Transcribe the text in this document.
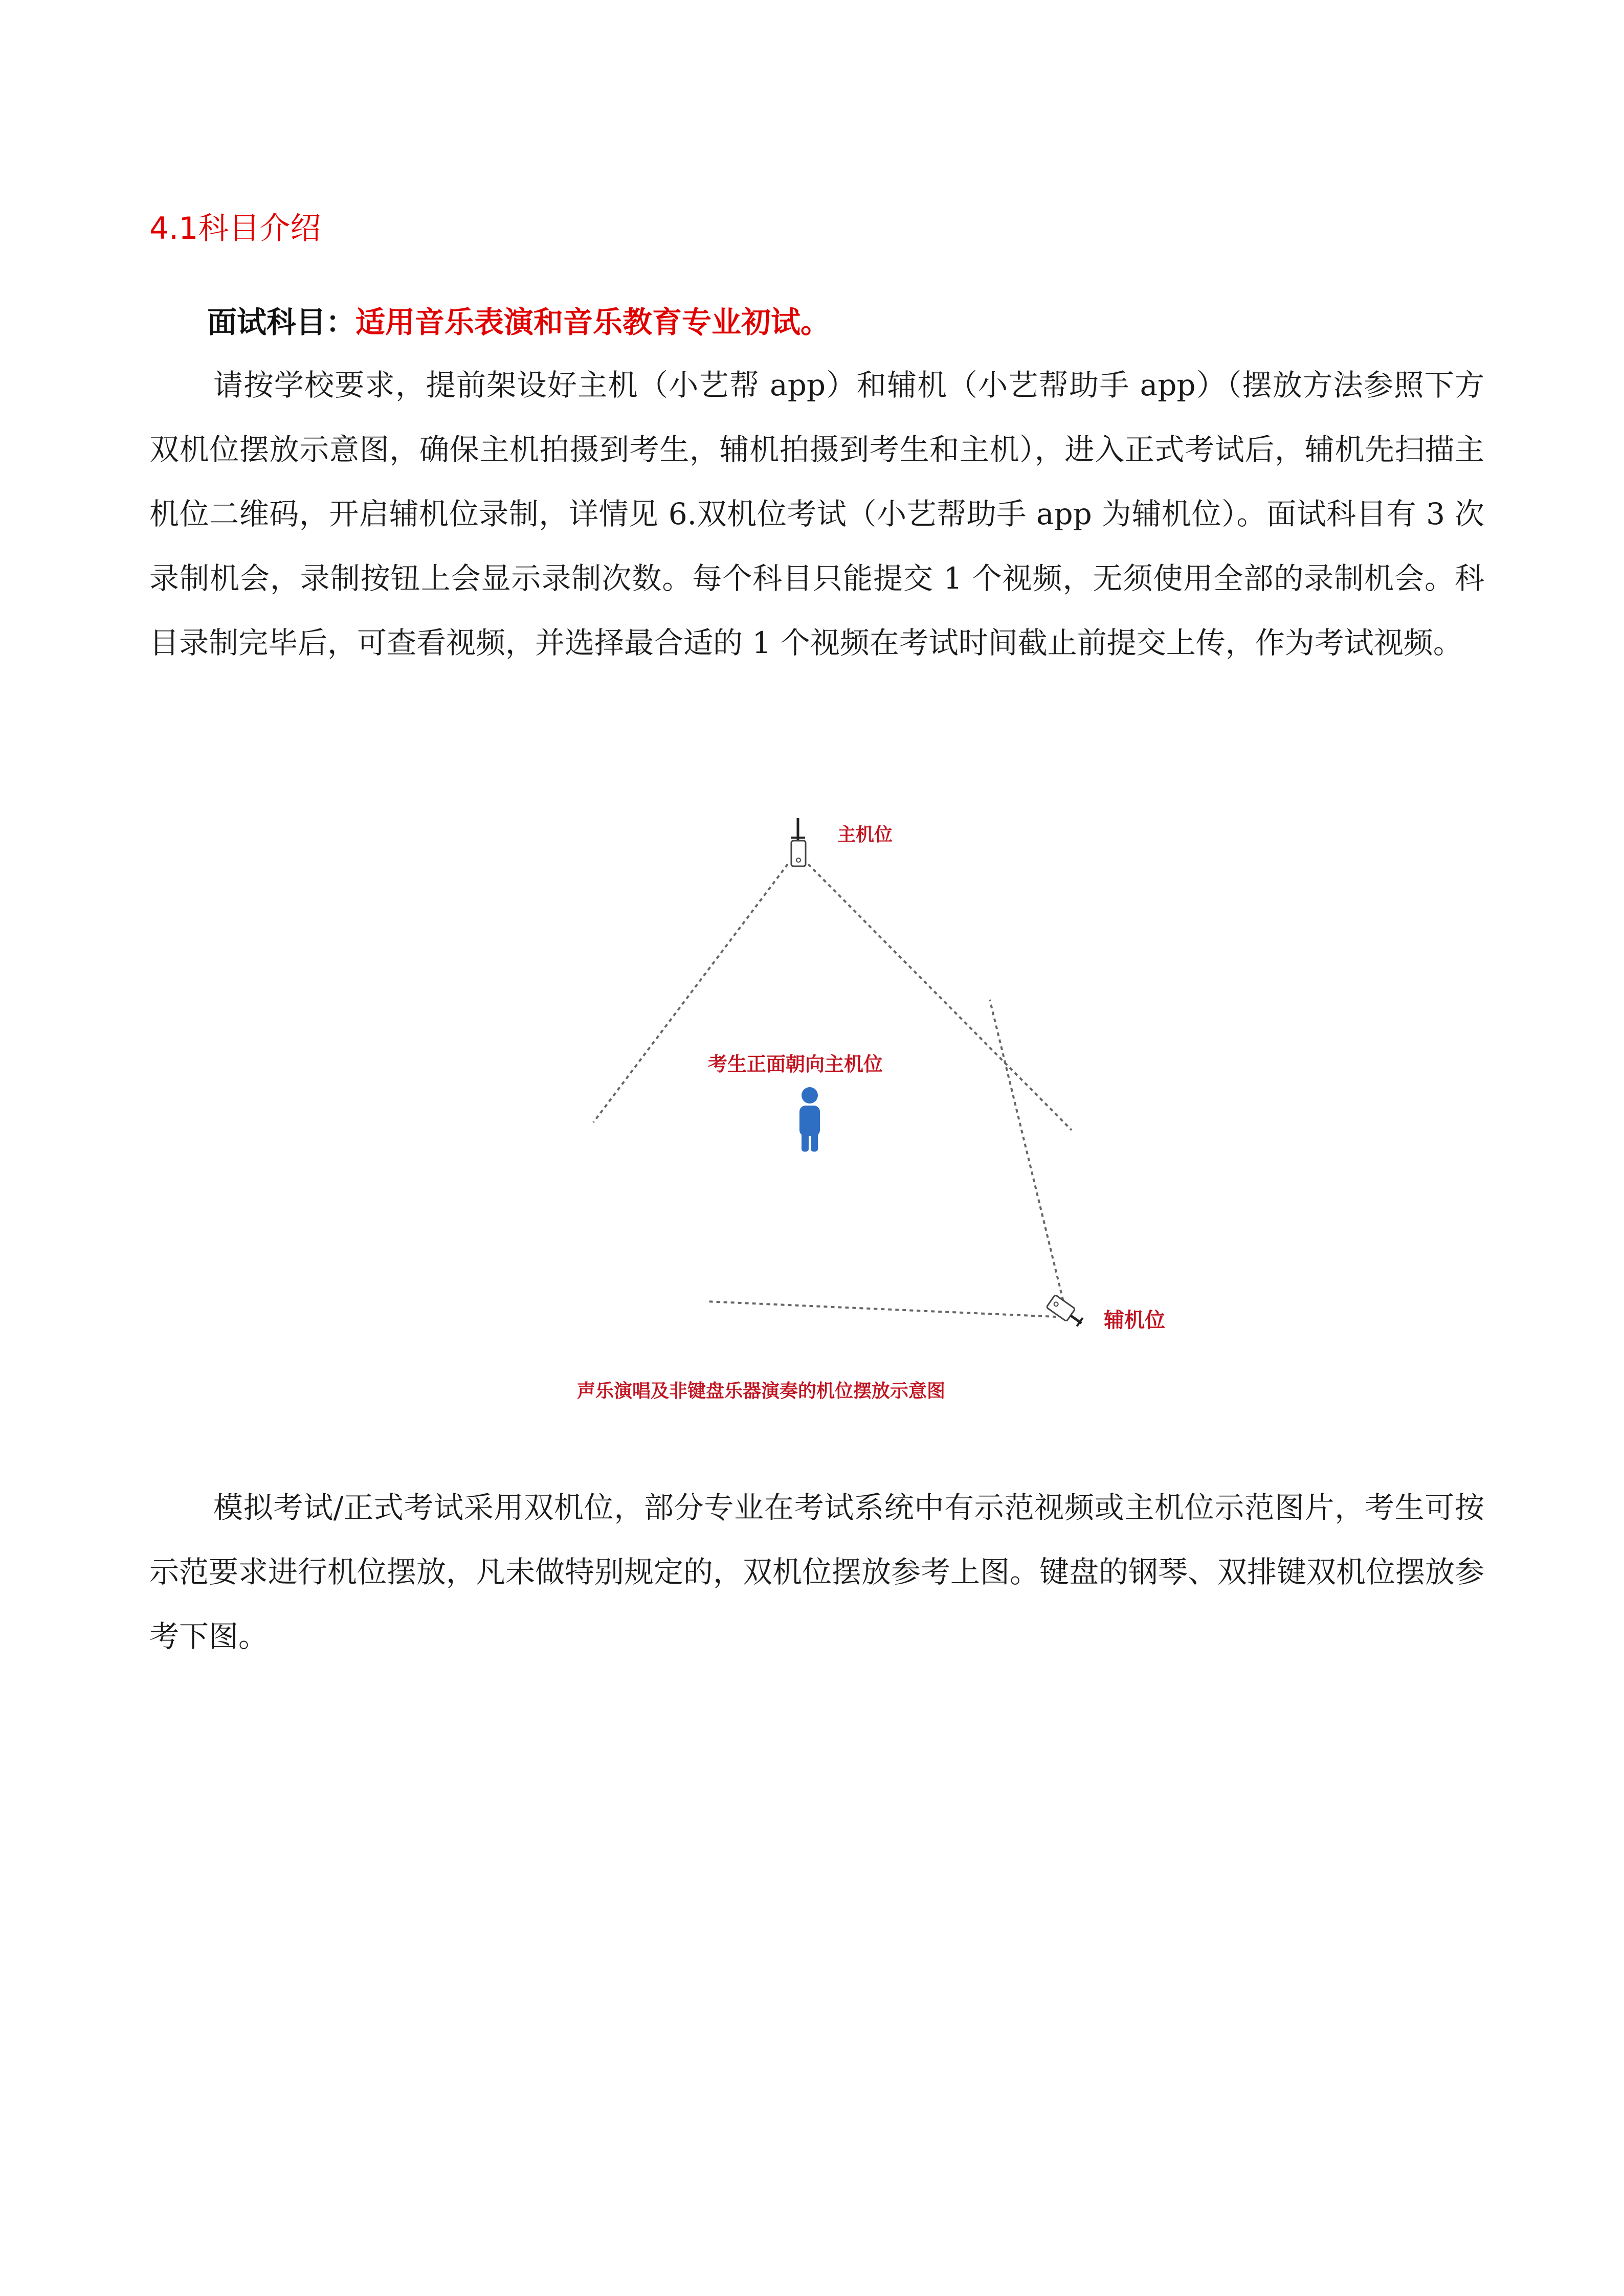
4.1科目介绍

面试科目：适用音乐表演和音乐教育专业初试。

请按学校要求，提前架设好主机（小艺帮 app）和辅机（小艺帮助手 app）（摆放方法参照下方双机位摆放示意图，确保主机拍摄到考生，辅机拍摄到考生和主机），进入正式考试后，辅机先扫描主机位二维码，开启辅机位录制，详情见 6.双机位考试（小艺帮助手 app 为辅机位）。面试科目有 3 次录制机会，录制按钮上会显示录制次数。每个科目只能提交 1 个视频，无须使用全部的录制机会。科目录制完毕后，可查看视频，并选择最合适的 1 个视频在考试时间截止前提交上传，作为考试视频。

主机位
考生正面朝向主机位
辅机位
声乐演唱及非键盘乐器演奏的机位摆放示意图

模拟考试/正式考试采用双机位，部分专业在考试系统中有示范视频或主机位示范图片，考生可按示范要求进行机位摆放，凡未做特别规定的，双机位摆放参考上图。键盘的钢琴、双排键双机位摆放参考下图。
